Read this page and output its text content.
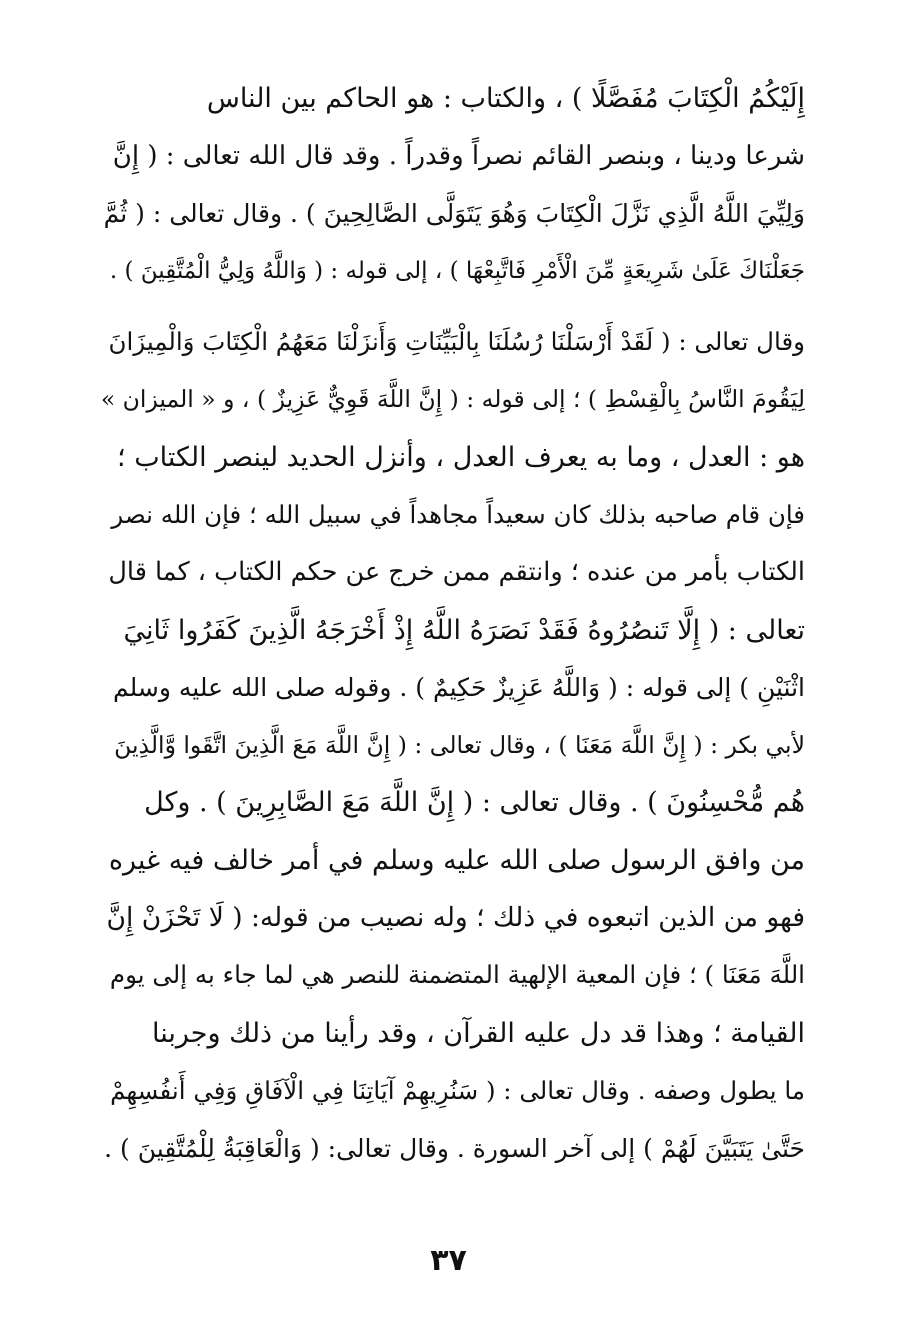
إِلَيْكُمُ الْكِتَابَ مُفَصَّلًا ) ، والكتاب : هو الحاكم بين الناس
شرعا ودينا ، وبنصر القائم نصراً وقدراً . وقد قال الله تعالى : ( إِنَّ
وَلِيِّيَ اللَّهُ الَّذِي نَزَّلَ الْكِتَابَ وَهُوَ يَتَوَلَّى الصَّالِحِينَ ) . وقال تعالى : ( ثُمَّ
جَعَلْنَاكَ عَلَىٰ شَرِيعَةٍ مِّنَ الْأَمْرِ فَاتَّبِعْهَا ) ، إلى قوله : ( وَاللَّهُ وَلِيُّ الْمُتَّقِينَ ) .
وقال تعالى : ( لَقَدْ أَرْسَلْنَا رُسُلَنَا بِالْبَيِّنَاتِ وَأَنزَلْنَا مَعَهُمُ الْكِتَابَ وَالْمِيزَانَ
لِيَقُومَ النَّاسُ بِالْقِسْطِ ) ؛ إلى قوله : ( إِنَّ اللَّهَ قَوِيٌّ عَزِيزٌ ) ، و « الميزان »
هو : العدل ، وما به يعرف العدل ، وأنزل الحديد لينصر الكتاب ؛
فإن قام صاحبه بذلك كان سعيداً مجاهداً في سبيل الله ؛ فإن الله نصر
الكتاب بأمر من عنده ؛ وانتقم ممن خرج عن حكم الكتاب ، كما قال
تعالى : ( إِلَّا تَنصُرُوهُ فَقَدْ نَصَرَهُ اللَّهُ إِذْ أَخْرَجَهُ الَّذِينَ كَفَرُوا ثَانِيَ
اثْنَيْنِ ) إلى قوله : ( وَاللَّهُ عَزِيزٌ حَكِيمٌ ) . وقوله صلى الله عليه وسلم
لأبي بكر : ( إِنَّ اللَّهَ مَعَنَا ) ، وقال تعالى : ( إِنَّ اللَّهَ مَعَ الَّذِينَ اتَّقَوا وَّالَّذِينَ
هُم مُّحْسِنُونَ ) . وقال تعالى : ( إِنَّ اللَّهَ مَعَ الصَّابِرِينَ ) . وكل
من وافق الرسول صلى الله عليه وسلم في أمر خالف فيه غيره
فهو من الذين اتبعوه في ذلك ؛ وله نصيب من قوله: ( لَا تَحْزَنْ إِنَّ
اللَّهَ مَعَنَا ) ؛ فإن المعية الإلهية المتضمنة للنصر هي لما جاء به إلى يوم
القيامة ؛ وهذا قد دل عليه القرآن ، وقد رأينا من ذلك وجربنا
ما يطول وصفه . وقال تعالى : ( سَنُرِيهِمْ آيَاتِنَا فِي الْآفَاقِ وَفِي أَنفُسِهِمْ
حَتَّىٰ يَتَبَيَّنَ لَهُمْ ) إلى آخر السورة . وقال تعالى: ( وَالْعَاقِبَةُ لِلْمُتَّقِينَ ) .
٣٧
